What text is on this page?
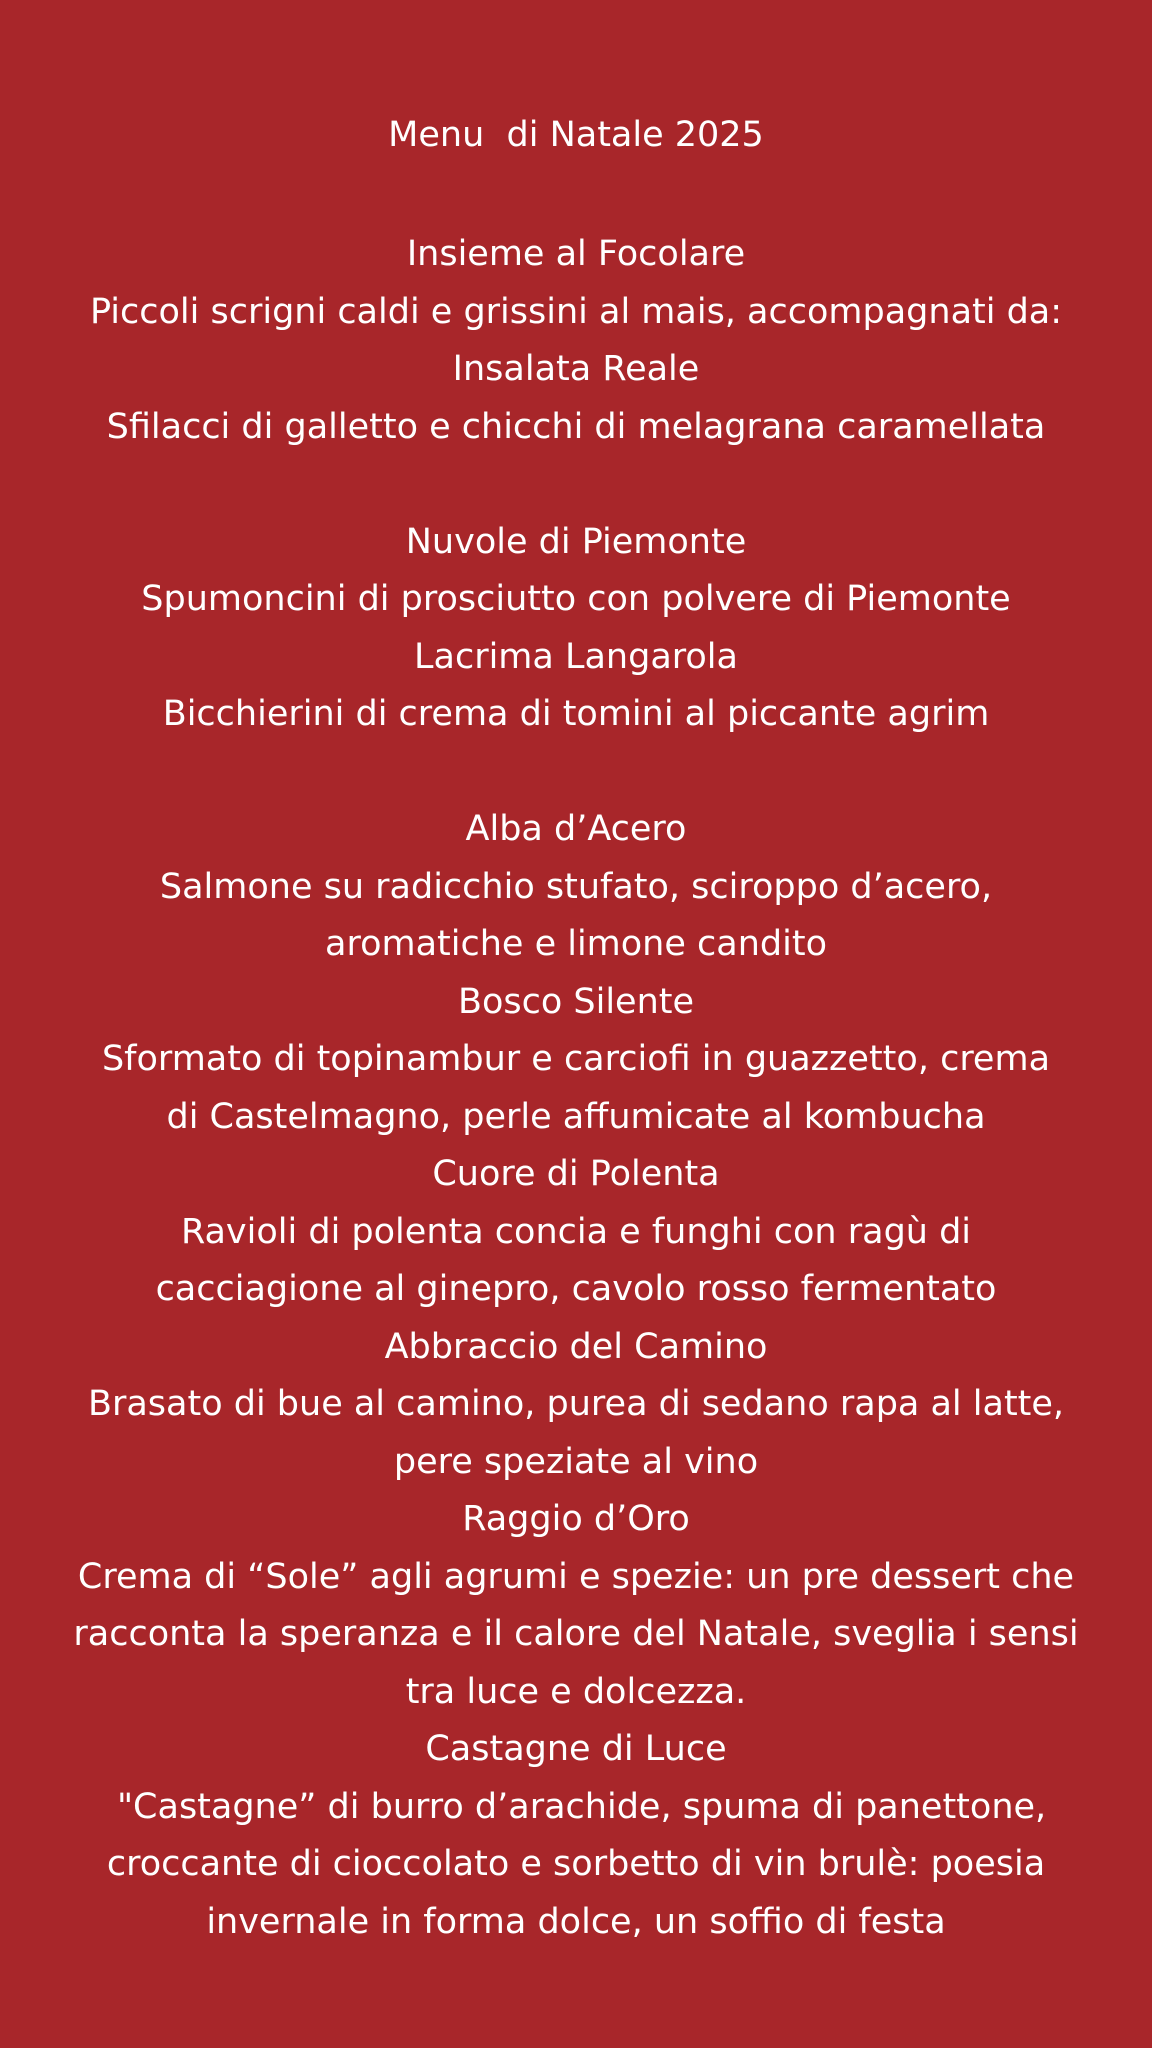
Menu  di Natale 2025

Insieme al Focolare

Piccoli scrigni caldi e grissini al mais, accompagnati da:

Insalata Reale

Sfilacci di galletto e chicchi di melagrana caramellata

Nuvole di Piemonte

Spumoncini di prosciutto con polvere di Piemonte

Lacrima Langarola

Bicchierini di crema di tomini al piccante agrim

Alba d’Acero

Salmone su radicchio stufato, sciroppo d’acero,

aromatiche e limone candito

Bosco Silente

Sformato di topinambur e carciofi in guazzetto, crema

di Castelmagno, perle affumicate al kombucha

Cuore di Polenta

Ravioli di polenta concia e funghi con ragù di

cacciagione al ginepro, cavolo rosso fermentato

Abbraccio del Camino

Brasato di bue al camino, purea di sedano rapa al latte,

pere speziate al vino

Raggio d’Oro

Crema di “Sole” agli agrumi e spezie: un pre dessert che

racconta la speranza e il calore del Natale, sveglia i sensi

tra luce e dolcezza.

Castagne di Luce

"Castagne” di burro d’arachide, spuma di panettone,

croccante di cioccolato e sorbetto di vin brulè: poesia

invernale in forma dolce, un soffio di festa
